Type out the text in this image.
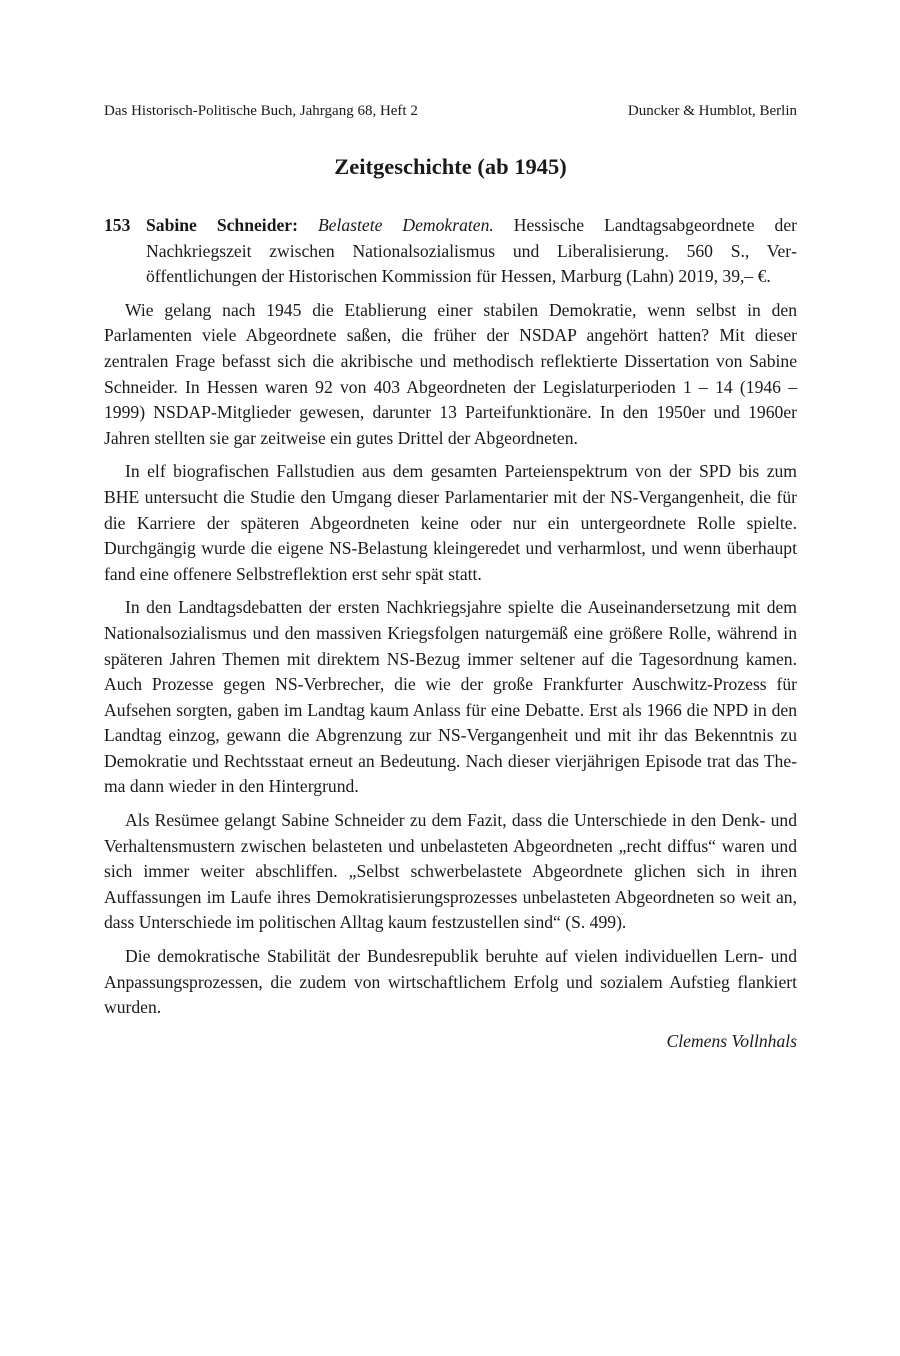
Das Historisch-Politische Buch, Jahrgang 68, Heft 2	Duncker & Humblot, Berlin
Zeitgeschichte (ab 1945)

153 Sabine Schneider: Belastete Demokraten. Hessische Landtagsabgeordnete der Nachkriegszeit zwischen Nationalsozialismus und Liberalisierung. 560 S., Veröffentlichungen der Historischen Kommission für Hessen, Marburg (Lahn) 2019, 39,– €.

Wie gelang nach 1945 die Etablierung einer stabilen Demokratie, wenn selbst in den Parlamenten viele Abgeordnete saßen, die früher der NSDAP angehört hatten? Mit dieser zentralen Frage befasst sich die akribische und methodisch reflektierte Dissertation von Sabine Schneider. In Hessen waren 92 von 403 Abgeordneten der Legislaturperioden 1 – 14 (1946 – 1999) NSDAP-Mitglieder gewesen, darunter 13 Parteifunktionäre. In den 1950er und 1960er Jahren stellten sie gar zeitweise ein gutes Drittel der Abgeordneten.

In elf biografischen Fallstudien aus dem gesamten Parteienspektrum von der SPD bis zum BHE untersucht die Studie den Umgang dieser Parlamentarier mit der NS-Vergangenheit, die für die Karriere der späteren Abgeordneten keine oder nur ein untergeordnete Rolle spielte. Durchgängig wurde die eigene NS-Belastung kleingeredet und verharmlost, und wenn überhaupt fand eine offenere Selbstreflektion erst sehr spät statt.

In den Landtagsdebatten der ersten Nachkriegsjahre spielte die Auseinandersetzung mit dem Nationalsozialismus und den massiven Kriegsfolgen naturgemäß eine größere Rolle, während in späteren Jahren Themen mit direktem NS-Bezug immer seltener auf die Tagesordnung kamen. Auch Prozesse gegen NS-Verbrecher, die wie der große Frankfurter Auschwitz-Prozess für Aufsehen sorgten, gaben im Landtag kaum Anlass für eine Debatte. Erst als 1966 die NPD in den Landtag einzog, gewann die Abgrenzung zur NS-Vergangenheit und mit ihr das Bekenntnis zu Demokratie und Rechtsstaat erneut an Bedeutung. Nach dieser vierjährigen Episode trat das Thema dann wieder in den Hintergrund.

Als Resümee gelangt Sabine Schneider zu dem Fazit, dass die Unterschiede in den Denk- und Verhaltensmustern zwischen belasteten und unbelasteten Abgeordneten „recht diffus“ waren und sich immer weiter abschliffen. „Selbst schwerbelastete Abgeordnete glichen sich in ihren Auffassungen im Laufe ihres Demokratisierungsprozesses unbelasteten Abgeordneten so weit an, dass Unterschiede im politischen Alltag kaum festzustellen sind“ (S. 499).

Die demokratische Stabilität der Bundesrepublik beruhte auf vielen individuellen Lern- und Anpassungsprozessen, die zudem von wirtschaftlichem Erfolg und sozialem Aufstieg flankiert wurden.

Clemens Vollnhals
